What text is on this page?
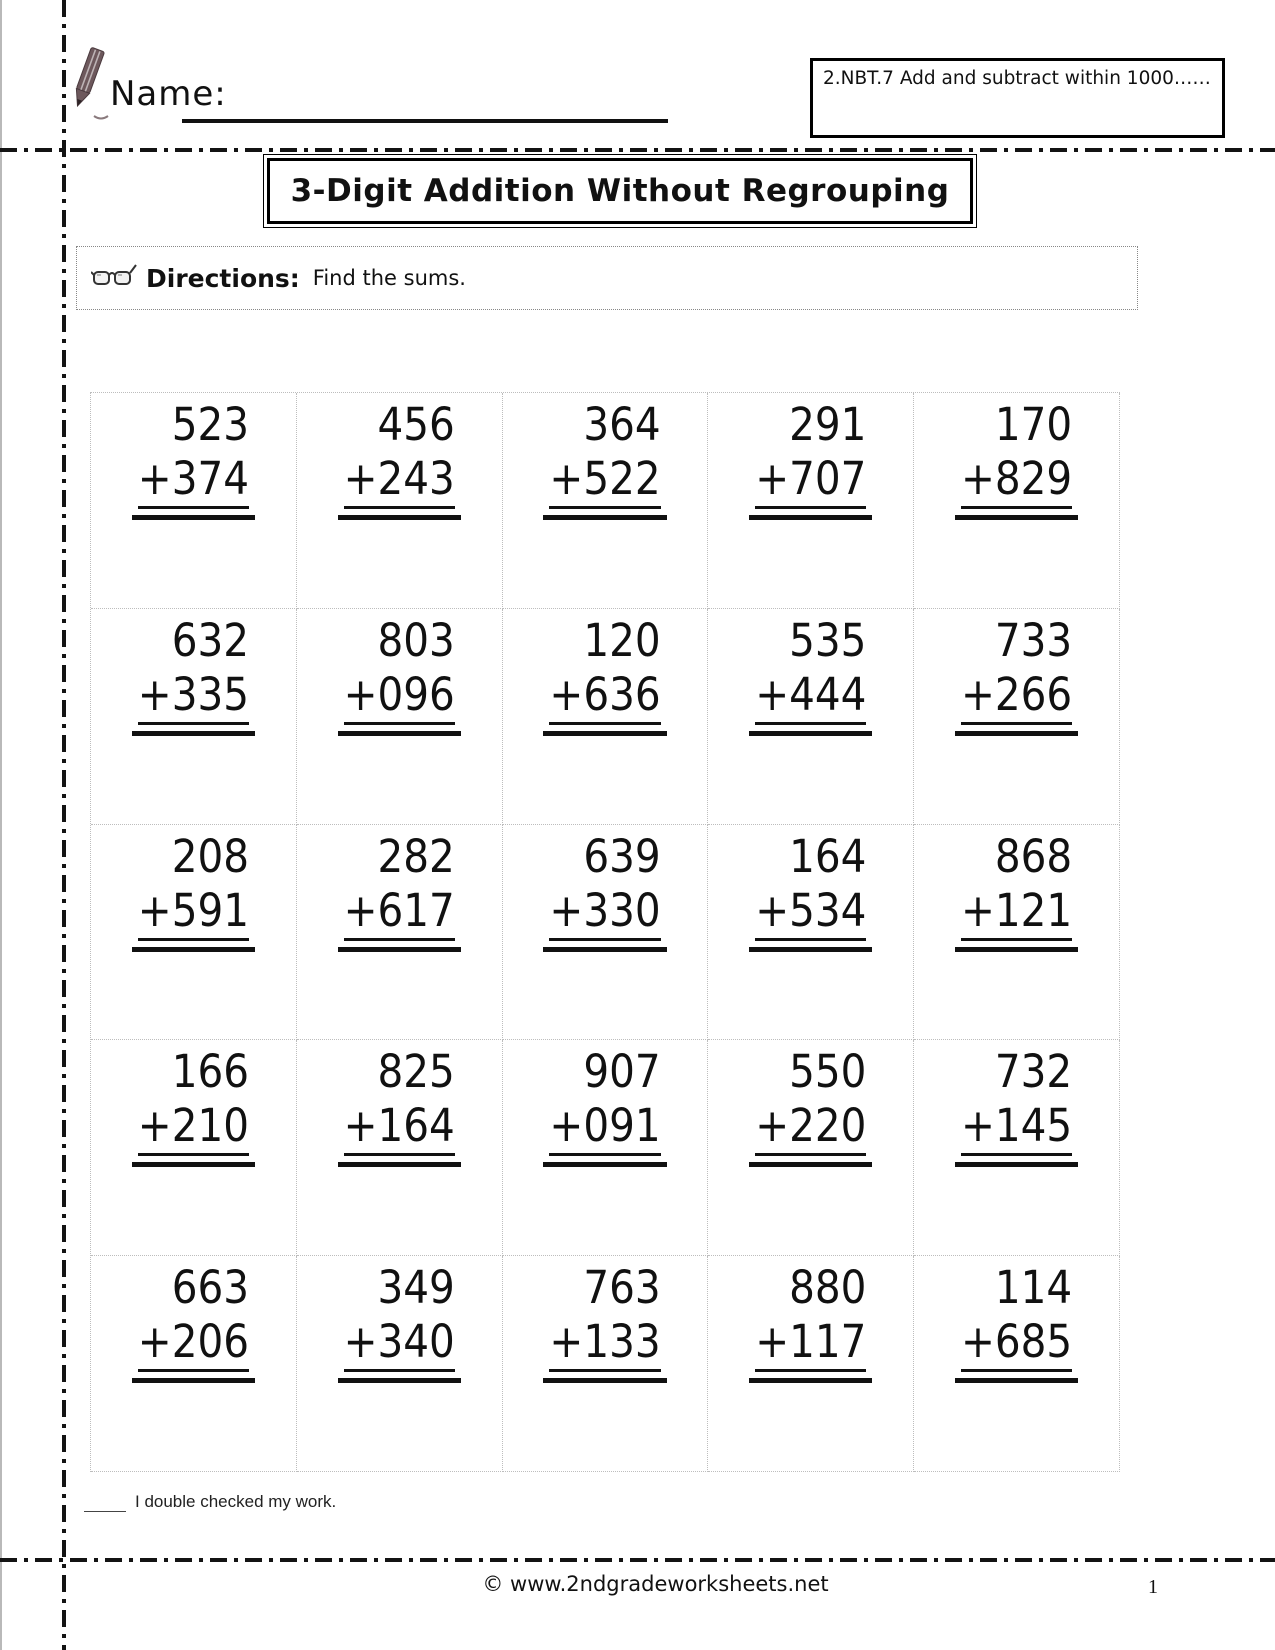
Name:	2.NBT.7 Add and subtract within 1000……
3-Digit Addition Without Regrouping
Directions: Find the sums.
523
+374
456
+243
364
+522
291
+707
170
+829
632
+335
803
+096
120
+636
535
+444
733
+266
208
+591
282
+617
639
+330
164
+534
868
+121
166
+210
825
+164
907
+091
550
+220
732
+145
663
+206
349
+340
763
+133
880
+117
114
+685
I double checked my work.
© www.2ndgradeworksheets.net	1
